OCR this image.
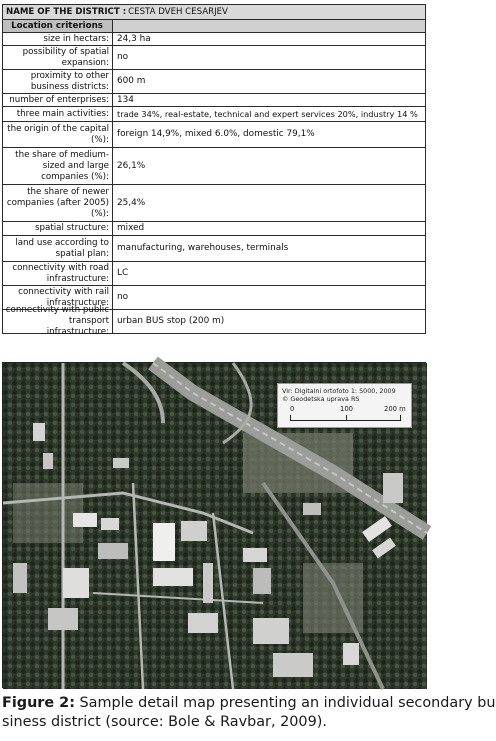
NAME OF THE DISTRICT : CESTA DVEH CESARJEV
Location criterions
size in hectars: 24,3 ha
possibility of spatial expansion:
no
proximity to other business districts:
600 m
number of enterprises: 134
three main activities: trade 34%, real-estate, technical and expert services 20%, industry 14 %
the origin of the capital (%):
foreign 14,9%, mixed 6.0%, domestic 79,1%
the share of medium-sized and large companies (%):
26,1%
the share of newer companies (after 2005) (%):
25,4%
spatial structure: mixed
land use according to spatial plan:
manufacturing, warehouses, terminals
connectivity with road infrastructure:
LC
connectivity with rail infrastructure:
no
connectivity with public transport infrastructure:
urban BUS stop (200 m)
Vir: Digitalni ortofoto 1: 5000, 2009
© Geodetska uprava RS
0	100	200 m
Figure 2: Sample detail map presenting an individual secondary bu
siness district (source: Bole & Ravbar, 2009).
